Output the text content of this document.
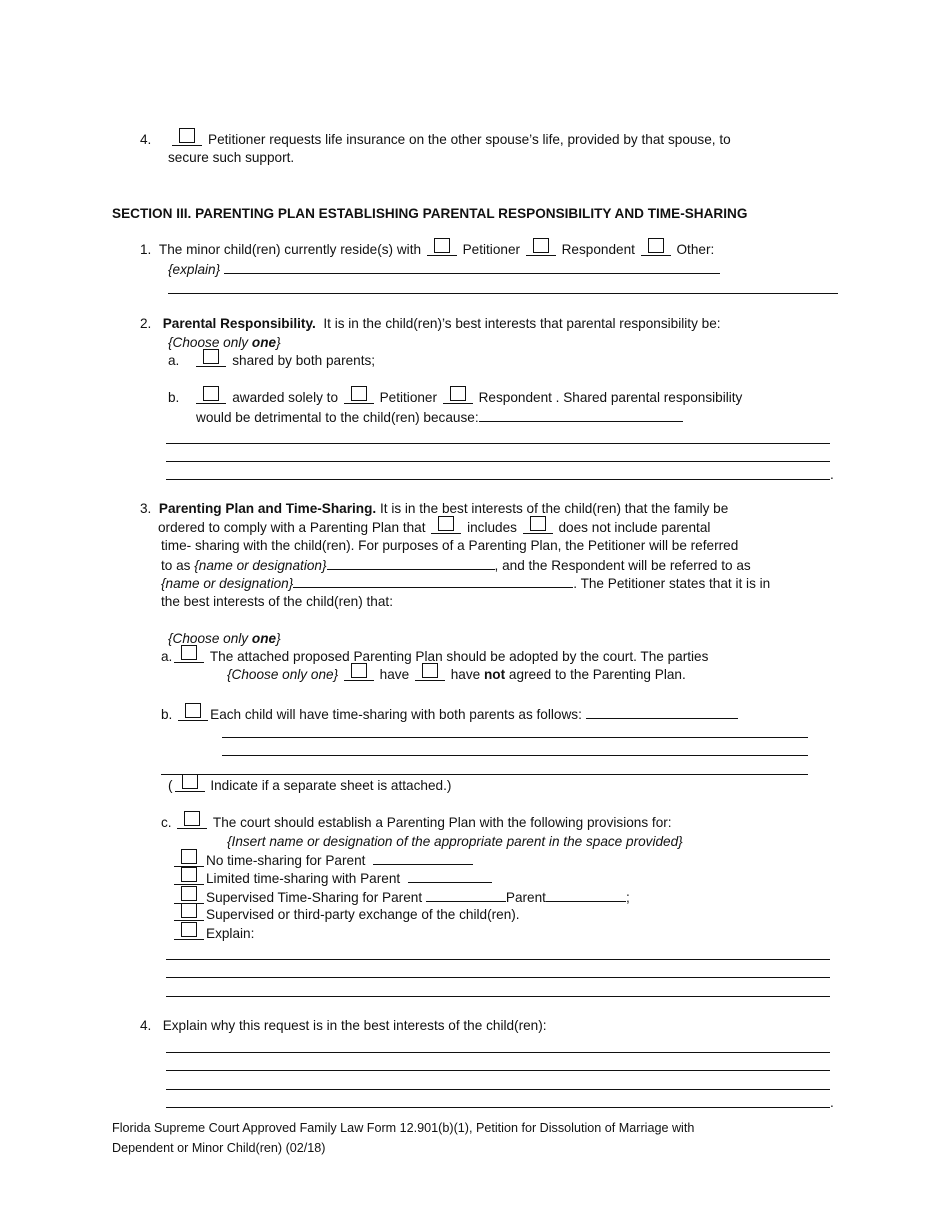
4.	Petitioner requests life insurance on the other spouse’s life, provided by that spouse, to
secure such support.
SECTION III. PARENTING PLAN ESTABLISHING PARENTAL RESPONSIBILITY AND TIME-SHARING
1. The minor child(ren) currently reside(s) with	Petitioner	Respondent	Other:
{explain}
2. Parental Responsibility. It is in the child(ren)’s best interests that parental responsibility be:
{Choose only one}
a.	shared by both parents;
b.	awarded solely to	Petitioner	Respondent . Shared parental responsibility
would be detrimental to the child(ren) because:
.
3. Parenting Plan and Time-Sharing. It is in the best interests of the child(ren) that the family be
ordered to comply with a Parenting Plan that	includes	does not include parental
time- sharing with the child(ren). For purposes of a Parenting Plan, the Petitioner will be referred
to as {name or designation}	, and the Respondent will be referred to as
{name or designation}	. The Petitioner states that it is in
the best interests of the child(ren) that:
{Choose only one}
a.	The attached proposed Parenting Plan should be adopted by the court. The parties
{Choose only one}	have	have not agreed to the Parenting Plan.
b.	Each child will have time-sharing with both parents as follows:
(	Indicate if a separate sheet is attached.)
c.	The court should establish a Parenting Plan with the following provisions for:
{Insert name or designation of the appropriate parent in the space provided}
No time-sharing for Parent
Limited time-sharing with Parent
Supervised Time-Sharing for Parent	Parent	;
Supervised or third-party exchange of the child(ren).
Explain:
4. Explain why this request is in the best interests of the child(ren):
.
Florida Supreme Court Approved Family Law Form 12.901(b)(1), Petition for Dissolution of Marriage with
Dependent or Minor Child(ren) (02/18)
